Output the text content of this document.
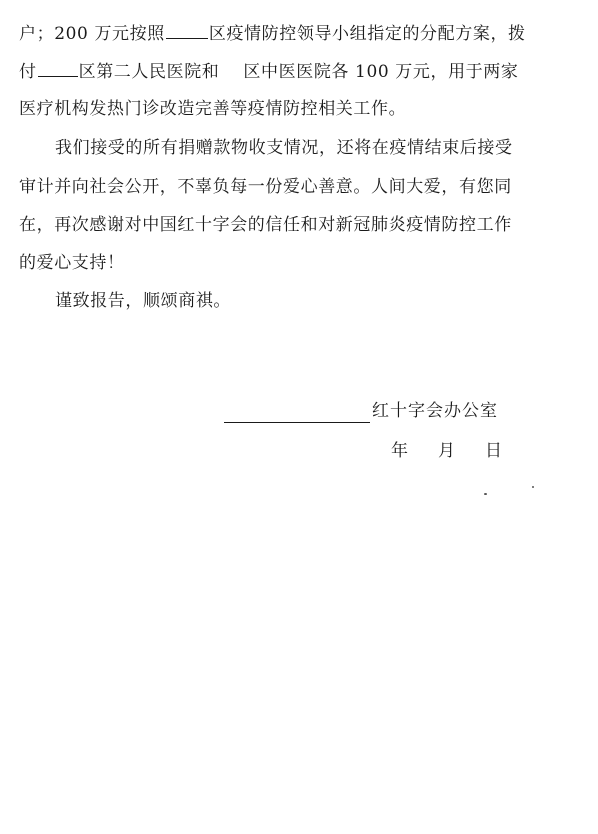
户；200 万元按照	区疫情防控领导小组指定的分配方案，拨
付 区第二人民医院和 区中医医院各 100 万元，用于两家
医疗机构发热门诊改造完善等疫情防控相关工作。
我们接受的所有捐赠款物收支情况，还将在疫情结束后接受
审计并向社会公开，不辜负每一份爱心善意。人间大爱，有您同
在，再次感谢对中国红十字会的信任和对新冠肺炎疫情防控工作
的爱心支持！
谨致报告，顺颂商祺。
红十字会办公室
年 月 日
